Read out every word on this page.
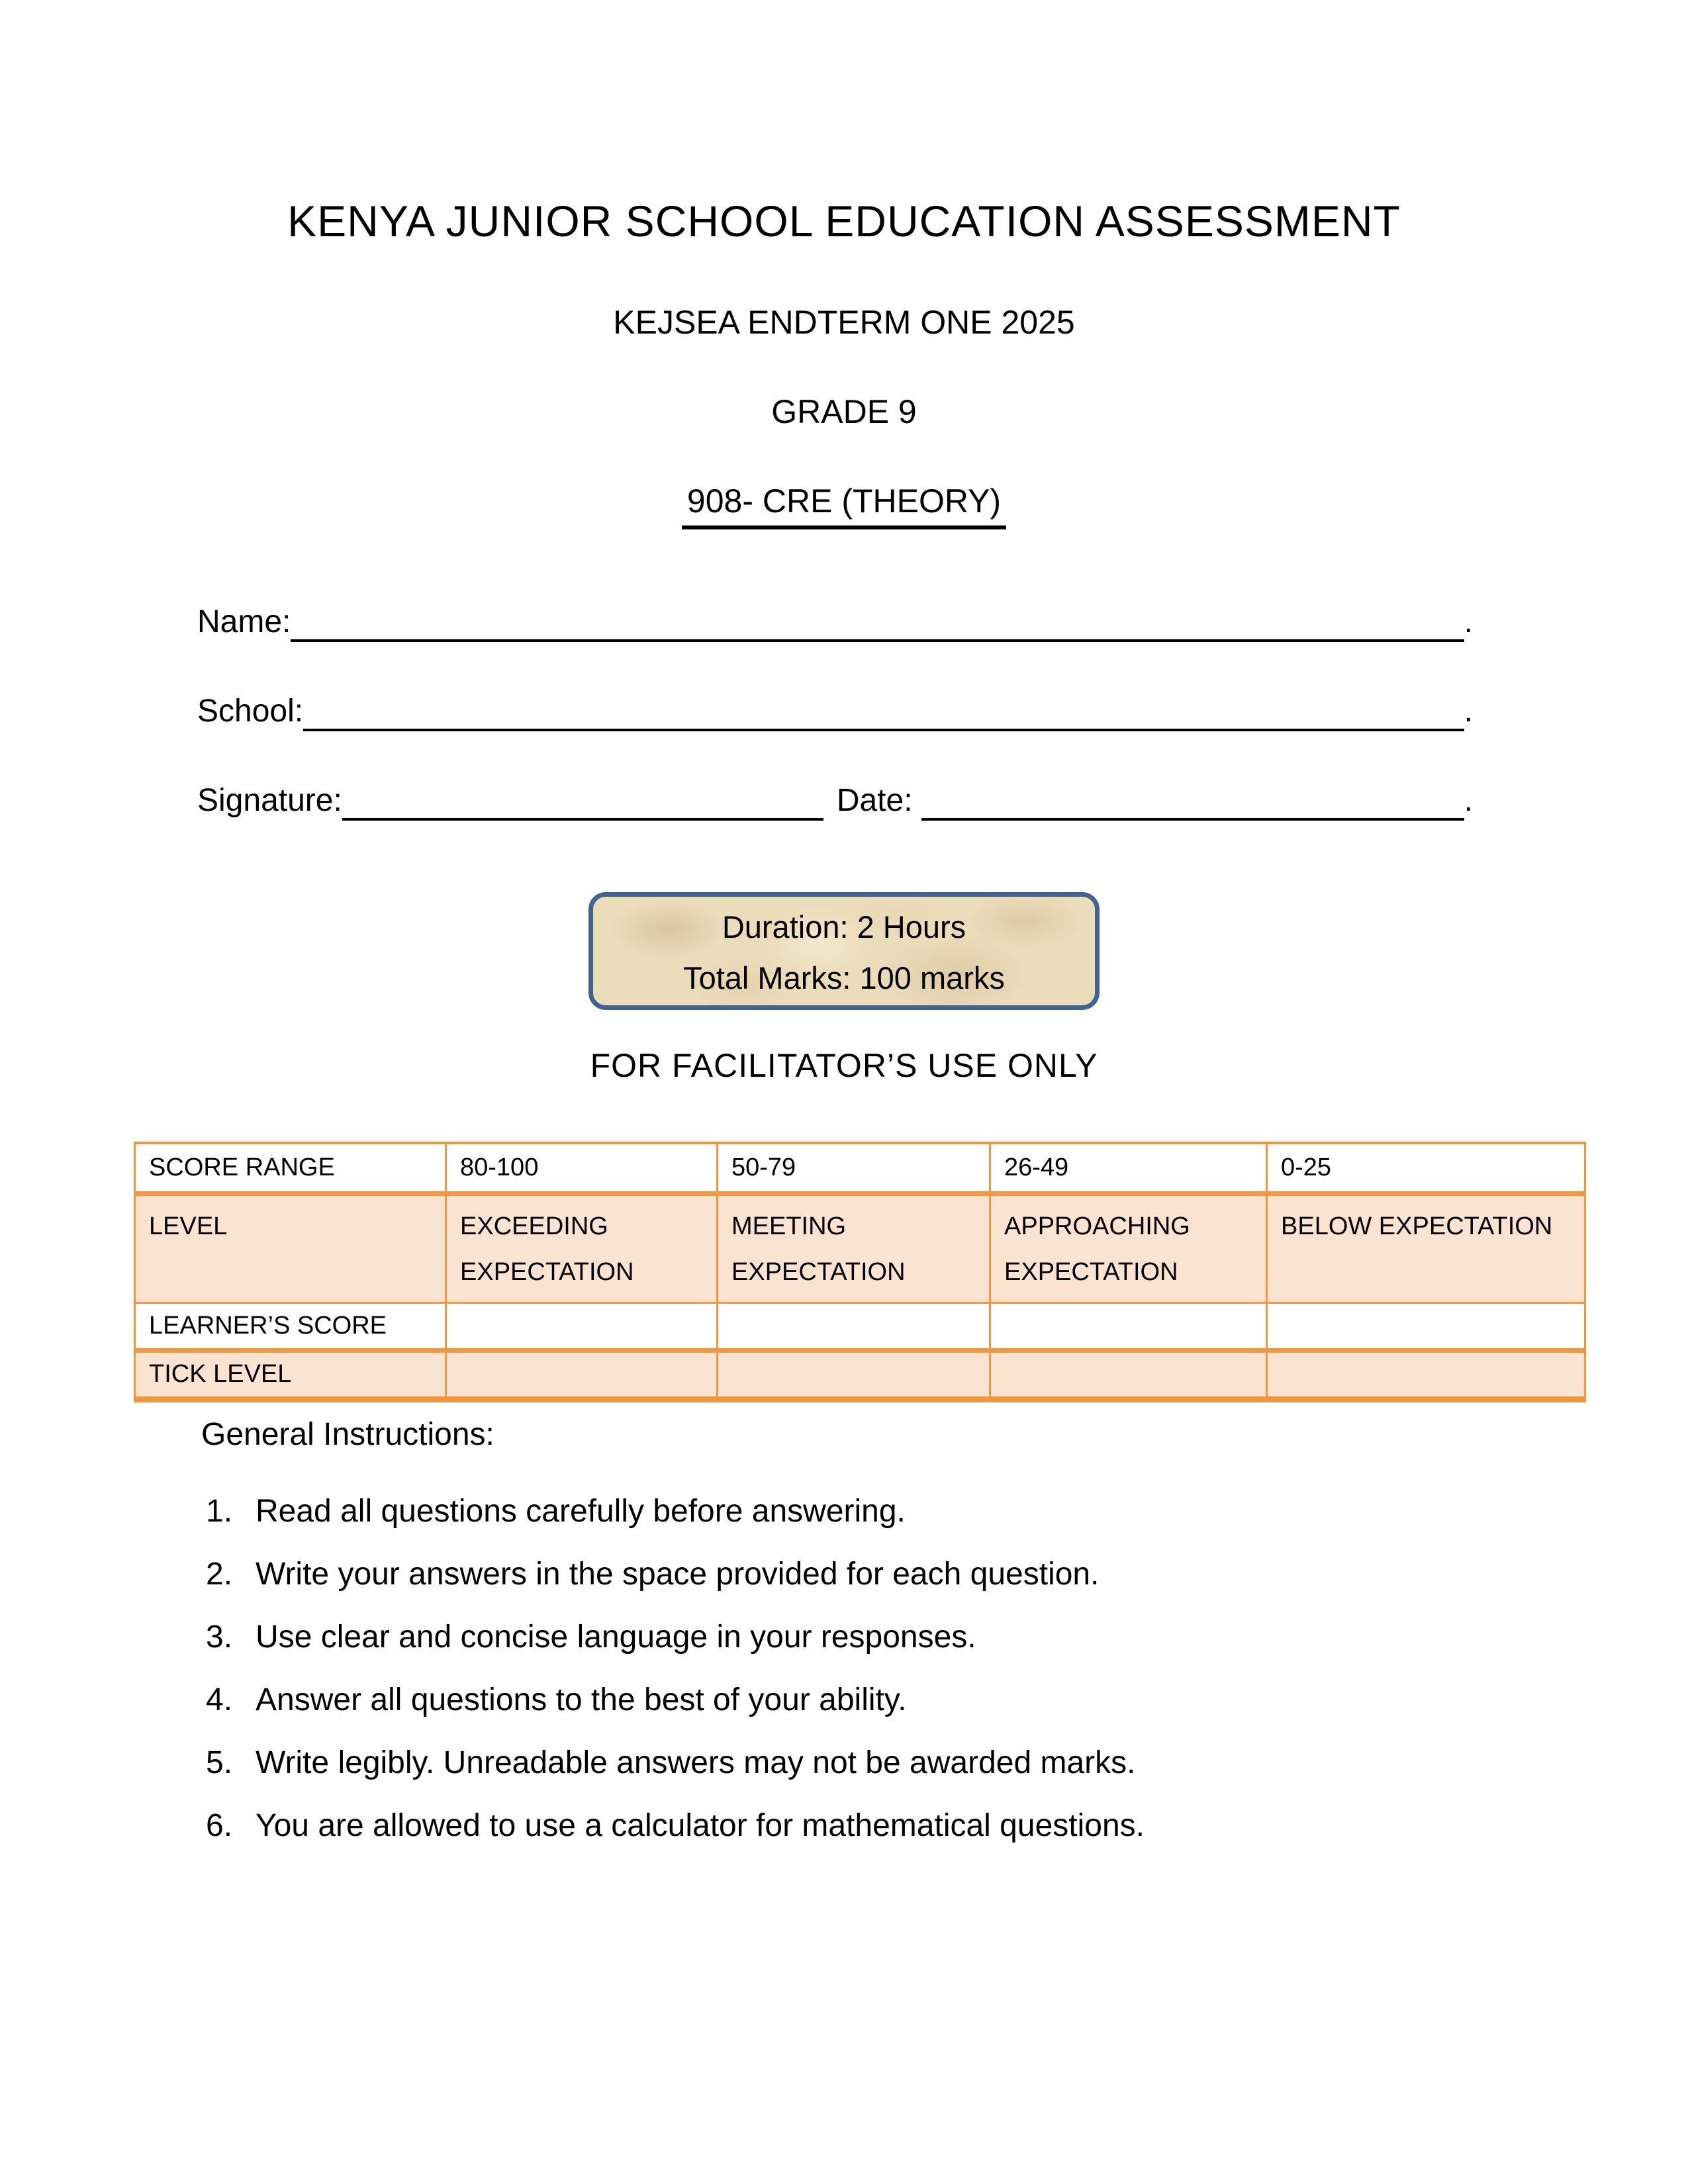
KENYA JUNIOR SCHOOL EDUCATION ASSESSMENT
KEJSEA ENDTERM ONE 2025
GRADE 9
908- CRE (THEORY)
Name:	.
School:	.
Signature:	Date:	.
Duration: 2 Hours
Total Marks: 100 marks
FOR FACILITATOR’S USE ONLY
SCORE RANGE	80-100	50-79	26-49	0-25
LEVEL	EXCEEDING EXPECTATION	MEETING EXPECTATION	APPROACHING EXPECTATION	BELOW EXPECTATION
LEARNER’S SCORE				
TICK LEVEL				
General Instructions:
1. Read all questions carefully before answering.
2. Write your answers in the space provided for each question.
3. Use clear and concise language in your responses.
4. Answer all questions to the best of your ability.
5. Write legibly. Unreadable answers may not be awarded marks.
6. You are allowed to use a calculator for mathematical questions.
